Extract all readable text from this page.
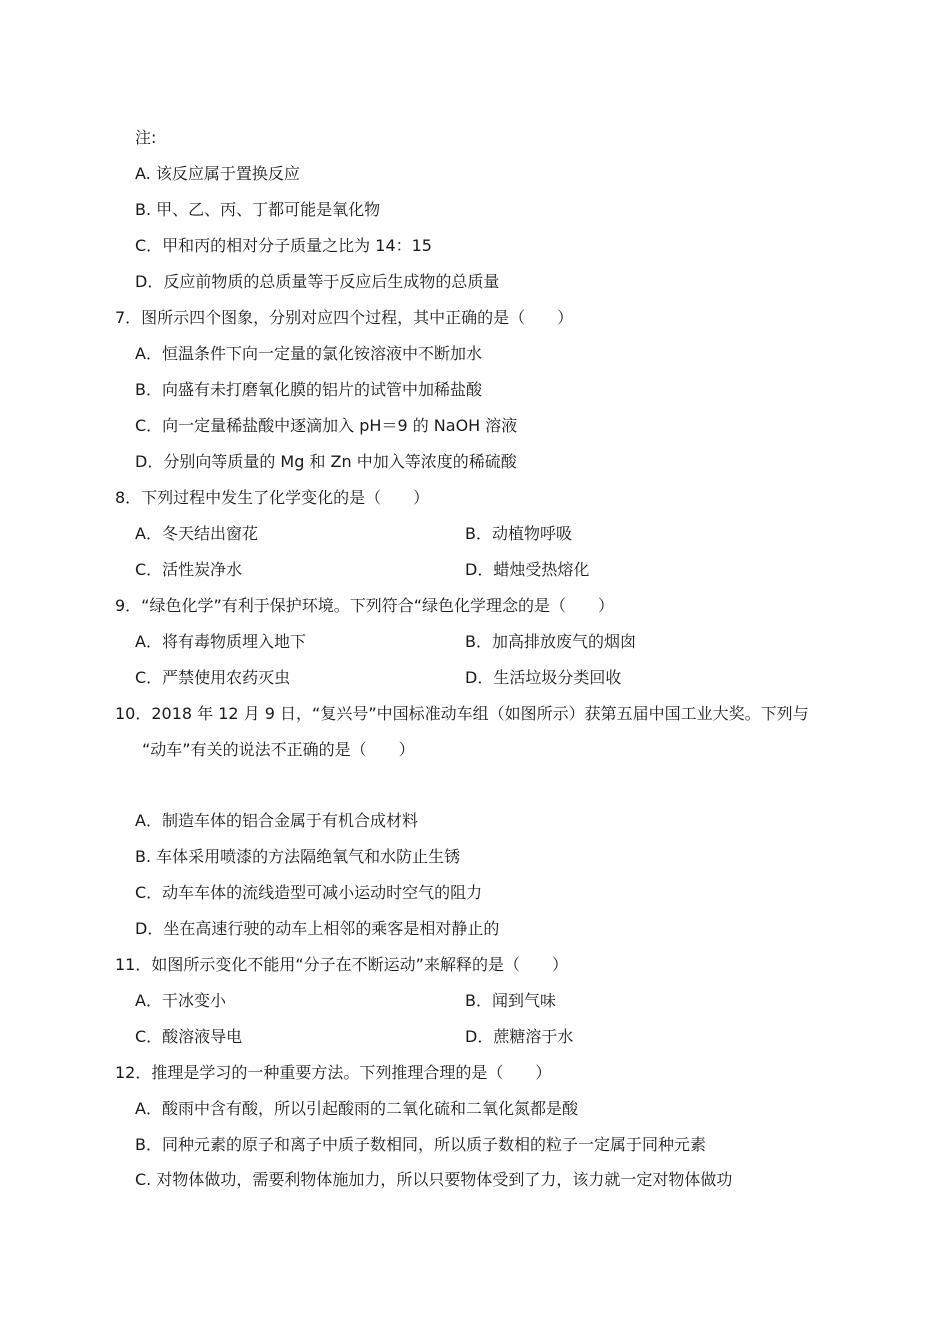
注:
A. 该反应属于置换反应
B. 甲、乙、丙、丁都可能是氧化物
C．甲和丙的相对分子质量之比为 14：15
D．反应前物质的总质量等于反应后生成物的总质量
7．图所示四个图象，分别对应四个过程，其中正确的是（　　）
A．恒温条件下向一定量的氯化铵溶液中不断加水
B．向盛有未打磨氧化膜的铝片的试管中加稀盐酸
C．向一定量稀盐酸中逐滴加入 pH＝9 的 NaOH 溶液
D．分别向等质量的 Mg 和 Zn 中加入等浓度的稀硫酸
8．下列过程中发生了化学变化的是（　　）
A．冬天结出窗花	B．动植物呼吸
C．活性炭净水	D．蜡烛受热熔化
9．“绿色化学”有利于保护环境。下列符合“绿色化学理念的是（　　）
A．将有毒物质埋入地下	B．加高排放废气的烟囱
C．严禁使用农药灭虫	D．生活垃圾分类回收
10．2018 年 12 月 9 日，“复兴号”中国标准动车组（如图所示）获第五届中国工业大奖。下列与
“动车”有关的说法不正确的是（　　）
A．制造车体的铝合金属于有机合成材料
B. 车体采用喷漆的方法隔绝氧气和水防止生锈
C．动车车体的流线造型可减小运动时空气的阻力
D．坐在高速行驶的动车上相邻的乘客是相对静止的
11．如图所示变化不能用“分子在不断运动”来解释的是（　　）
A．干冰变小	B．闻到气味
C．酸溶液导电	D．蔗糖溶于水
12．推理是学习的一种重要方法。下列推理合理的是（　　）
A．酸雨中含有酸，所以引起酸雨的二氧化硫和二氧化氮都是酸
B．同种元素的原子和离子中质子数相同，所以质子数相的粒子一定属于同种元素
C. 对物体做功，需要利物体施加力，所以只要物体受到了力，该力就一定对物体做功
